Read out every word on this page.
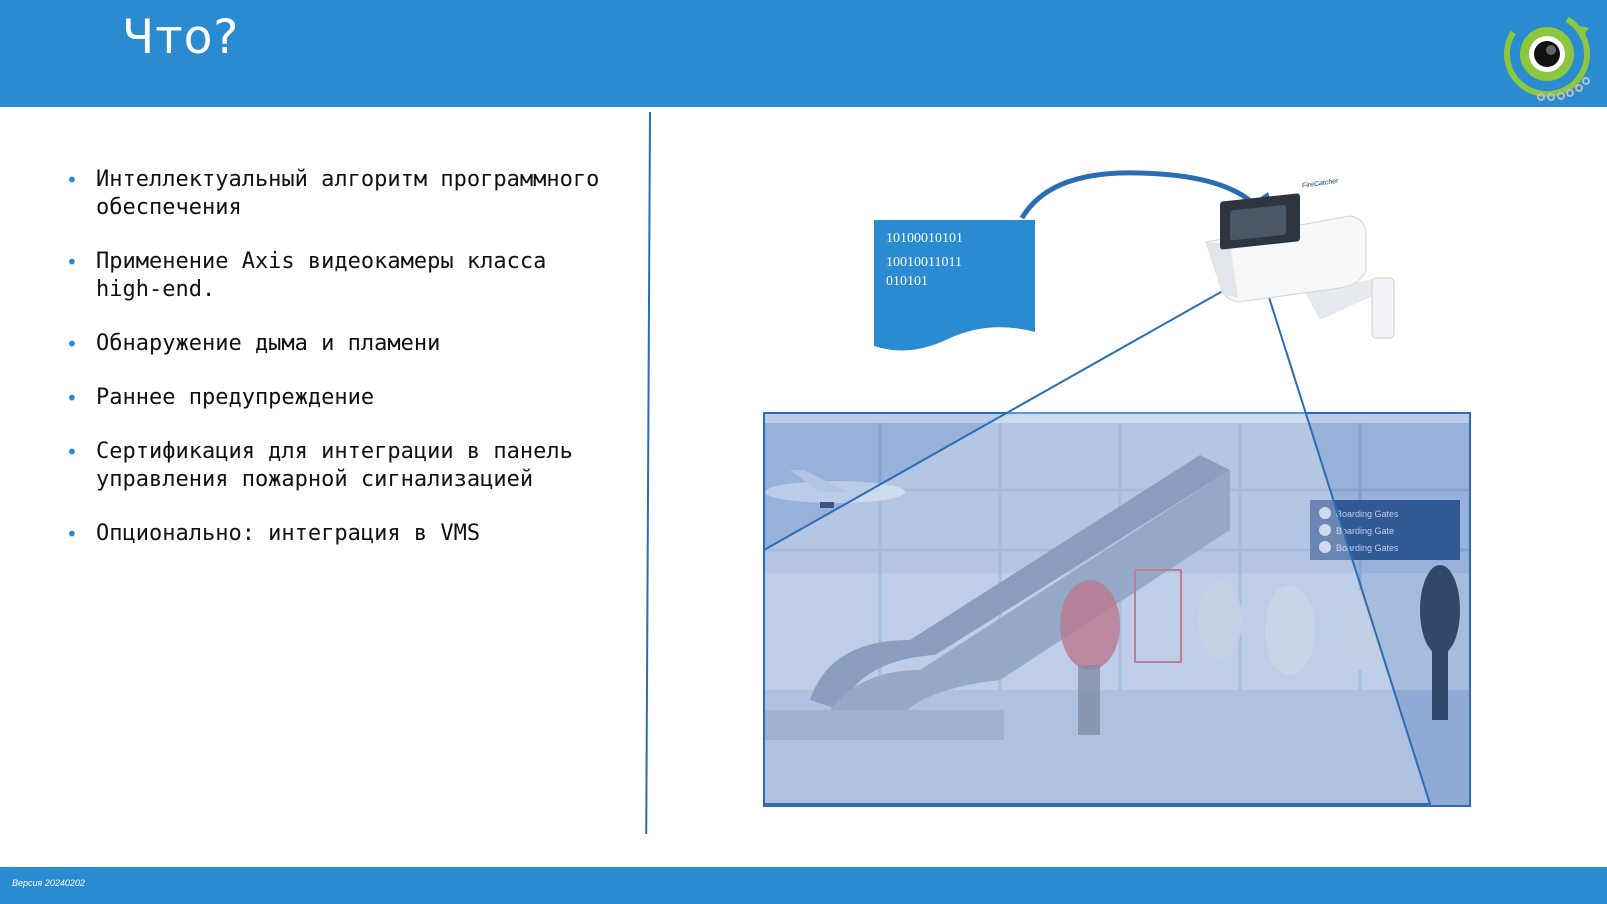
Что?
• Интеллектуальный алгоритм программного обеспечения
• Применение Axis видеокамеры класса high-end.
• Обнаружение дыма и пламени
• Раннее предупреждение
• Сертификация для интеграции в панель управления пожарной сигнализацией
• Опционально: интеграция в VMS
10100010101
10010011011
010101
FireCatcher
Версия 20240202
